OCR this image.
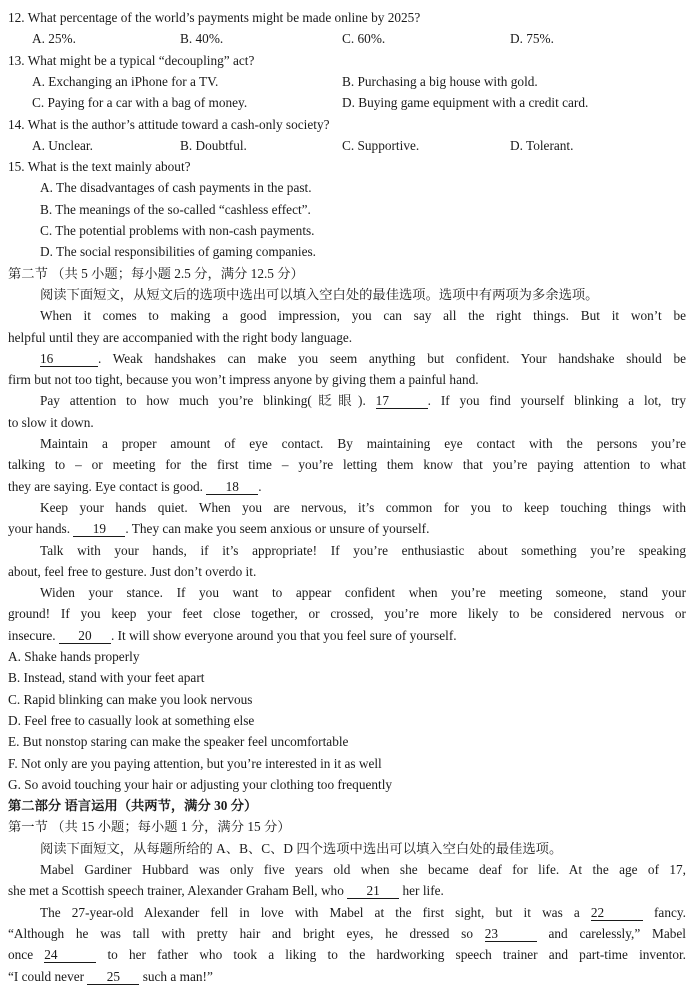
12. What percentage of the world’s payments might be made online by 2025?
A. 25%.	B. 40%.	C. 60%.	D. 75%.
13. What might be a typical “decoupling” act?
A. Exchanging an iPhone for a TV.	B. Purchasing a big house with gold.
C. Paying for a car with a bag of money.	D. Buying game equipment with a credit card.
14. What is the author’s attitude toward a cash-only society?
A. Unclear.	B. Doubtful.	C. Supportive.	D. Tolerant.
15. What is the text mainly about?
A. The disadvantages of cash payments in the past.
B. The meanings of the so-called “cashless effect”.
C. The potential problems with non-cash payments.
D. The social responsibilities of gaming companies.
第二节 （共 5 小题；每小题 2.5 分，满分 12.5 分）
阅读下面短文，从短文后的选项中选出可以填入空白处的最佳选项。选项中有两项为多余选项。
When it comes to making a good impression, you can say all the right things. But it won’t be
helpful until they are accompanied with the right body language.
16	. Weak handshakes can make you seem anything but confident. Your handshake should be
firm but not too tight, because you won’t impress anyone by giving them a painful hand.
Pay attention to how much you’re blinking(眨眼). 17	. If you find yourself blinking a lot, try
to slow it down.
Maintain a proper amount of eye contact. By maintaining eye contact with the persons you’re
talking to – or meeting for the first time – you’re letting them know that you’re paying attention to what
they are saying. Eye contact is good. 18 .
Keep your hands quiet. When you are nervous, it’s common for you to keep touching things with
your hands. 19 . They can make you seem anxious or unsure of yourself.
Talk with your hands, if it’s appropriate! If you’re enthusiastic about something you’re speaking
about, feel free to gesture. Just don’t overdo it.
Widen your stance. If you want to appear confident when you’re meeting someone, stand your
ground! If you keep your feet close together, or crossed, you’re more likely to be considered nervous or
insecure. 20 . It will show everyone around you that you feel sure of yourself.
A. Shake hands properly
B. Instead, stand with your feet apart
C. Rapid blinking can make you look nervous
D. Feel free to casually look at something else
E. But nonstop staring can make the speaker feel uncomfortable
F. Not only are you paying attention, but you’re interested in it as well
G. So avoid touching your hair or adjusting your clothing too frequently
第二部分 语言运用（共两节，满分 30 分）
第一节 （共 15 小题；每小题 1 分，满分 15 分）
阅读下面短文，从每题所给的 A、B、C、D 四个选项中选出可以填入空白处的最佳选项。
Mabel Gardiner Hubbard was only five years old when she became deaf for life. At the age of 17,
she met a Scottish speech trainer, Alexander Graham Bell, who 21 her life.
The 27-year-old Alexander fell in love with Mabel at the first sight, but it was a 22	fancy.
“Although he was tall with pretty hair and bright eyes, he dressed so 23	and carelessly,” Mabel
once 24	to her father who took a liking to the hardworking speech trainer and part-time inventor.
“I could never 25 such a man!”
